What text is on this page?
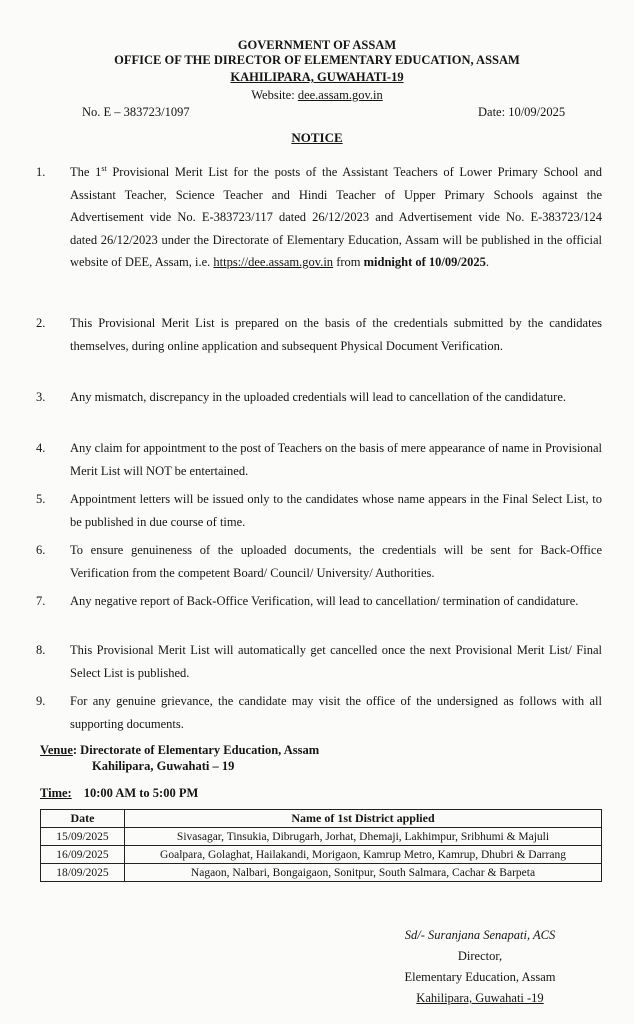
GOVERNMENT OF ASSAM
OFFICE OF THE DIRECTOR OF ELEMENTARY EDUCATION, ASSAM
KAHILIPARA, GUWAHATI-19
Website: dee.assam.gov.in
No. E – 383723/1097	Date: 10/09/2025
NOTICE
1. The 1st Provisional Merit List for the posts of the Assistant Teachers of Lower Primary School and Assistant Teacher, Science Teacher and Hindi Teacher of Upper Primary Schools against the Advertisement vide No. E-383723/117 dated 26/12/2023 and Advertisement vide No. E-383723/124 dated 26/12/2023 under the Directorate of Elementary Education, Assam will be published in the official website of DEE, Assam, i.e. https://dee.assam.gov.in from midnight of 10/09/2025.
2. This Provisional Merit List is prepared on the basis of the credentials submitted by the candidates themselves, during online application and subsequent Physical Document Verification.
3. Any mismatch, discrepancy in the uploaded credentials will lead to cancellation of the candidature.
4. Any claim for appointment to the post of Teachers on the basis of mere appearance of name in Provisional Merit List will NOT be entertained.
5. Appointment letters will be issued only to the candidates whose name appears in the Final Select List, to be published in due course of time.
6. To ensure genuineness of the uploaded documents, the credentials will be sent for Back-Office Verification from the competent Board/ Council/ University/ Authorities.
7. Any negative report of Back-Office Verification, will lead to cancellation/ termination of candidature.
8. This Provisional Merit List will automatically get cancelled once the next Provisional Merit List/ Final Select List is published.
9. For any genuine grievance, the candidate may visit the office of the undersigned as follows with all supporting documents.
Venue: Directorate of Elementary Education, Assam
Kahilipara, Guwahati – 19
Time: 10:00 AM to 5:00 PM
Date	Name of 1st District applied
15/09/2025	Sivasagar, Tinsukia, Dibrugarh, Jorhat, Dhemaji, Lakhimpur, Sribhumi & Majuli
16/09/2025	Goalpara, Golaghat, Hailakandi, Morigaon, Kamrup Metro, Kamrup, Dhubri & Darrang
18/09/2025	Nagaon, Nalbari, Bongaigaon, Sonitpur, South Salmara, Cachar & Barpeta
Sd/- Suranjana Senapati, ACS
Director,
Elementary Education, Assam
Kahilipara, Guwahati -19
